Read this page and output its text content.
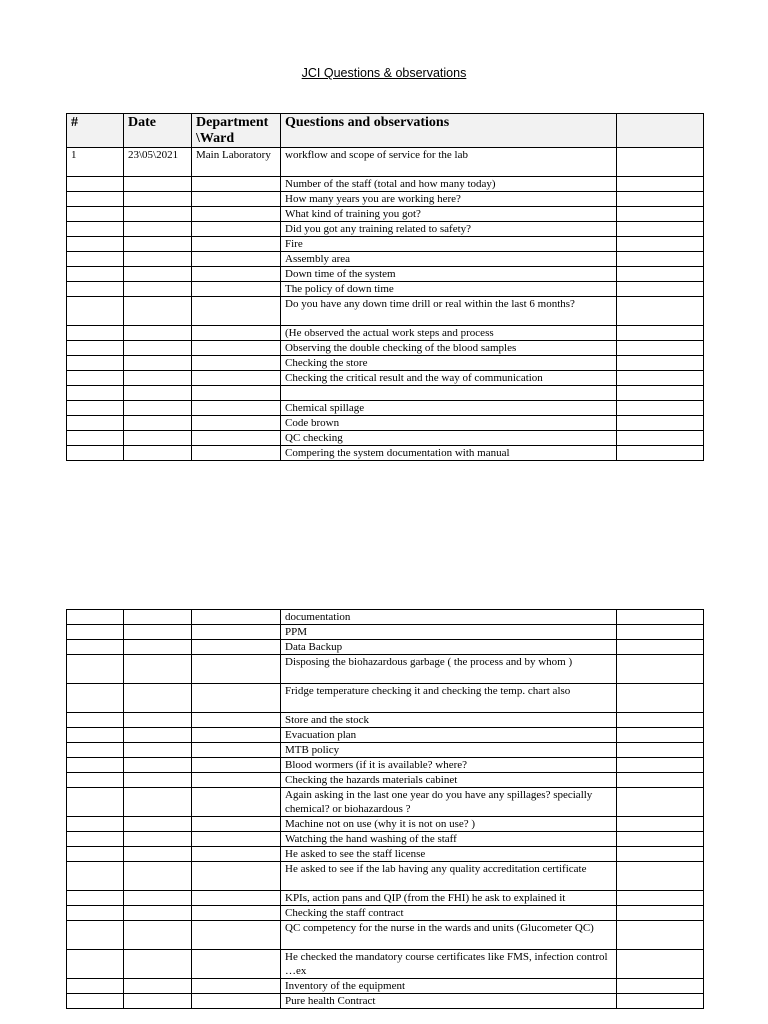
JCI Questions & observations
#	Date	Department \Ward	Questions and observations	
1	23\05\2021	Main Laboratory	workflow and scope of service for the lab	
			Number of the staff (total and how many today)	
			How many years you are working here?	
			What kind of training you got?	
			Did you got any training related to safety?	
			Fire	
			Assembly area	
			Down time of the system	
			The policy of down time	
			Do you have any down time drill or real within the last 6 months?	
			(He observed the actual work steps and process	
			Observing the double checking of the blood samples	
			Checking the store	
			Checking the critical result and the way of communication	

			Chemical spillage	
			Code brown	
			QC checking	
			Compering the system documentation with manual	
			documentation	
			PPM	
			Data Backup	
			Disposing the biohazardous garbage ( the process and by whom )	
			Fridge temperature checking it and checking the temp. chart also	
			Store and the stock	
			Evacuation plan	
			MTB policy	
			Blood wormers (if it is available? where?	
			Checking the hazards materials cabinet	
			Again asking in the last one year do you have any spillages? specially chemical? or biohazardous ?	
			Machine not on use (why it is not on use? )	
			Watching the hand washing of the staff	
			He asked to see the staff license	
			He asked to see if the lab having any quality accreditation certificate	
			KPIs, action pans and QIP (from the FHI) he ask to explained it	
			Checking the staff contract	
			QC competency for the nurse in the wards and units (Glucometer QC)	
			He checked the mandatory course certificates like FMS, infection control …ex	
			Inventory of the equipment	
			Pure health Contract	
